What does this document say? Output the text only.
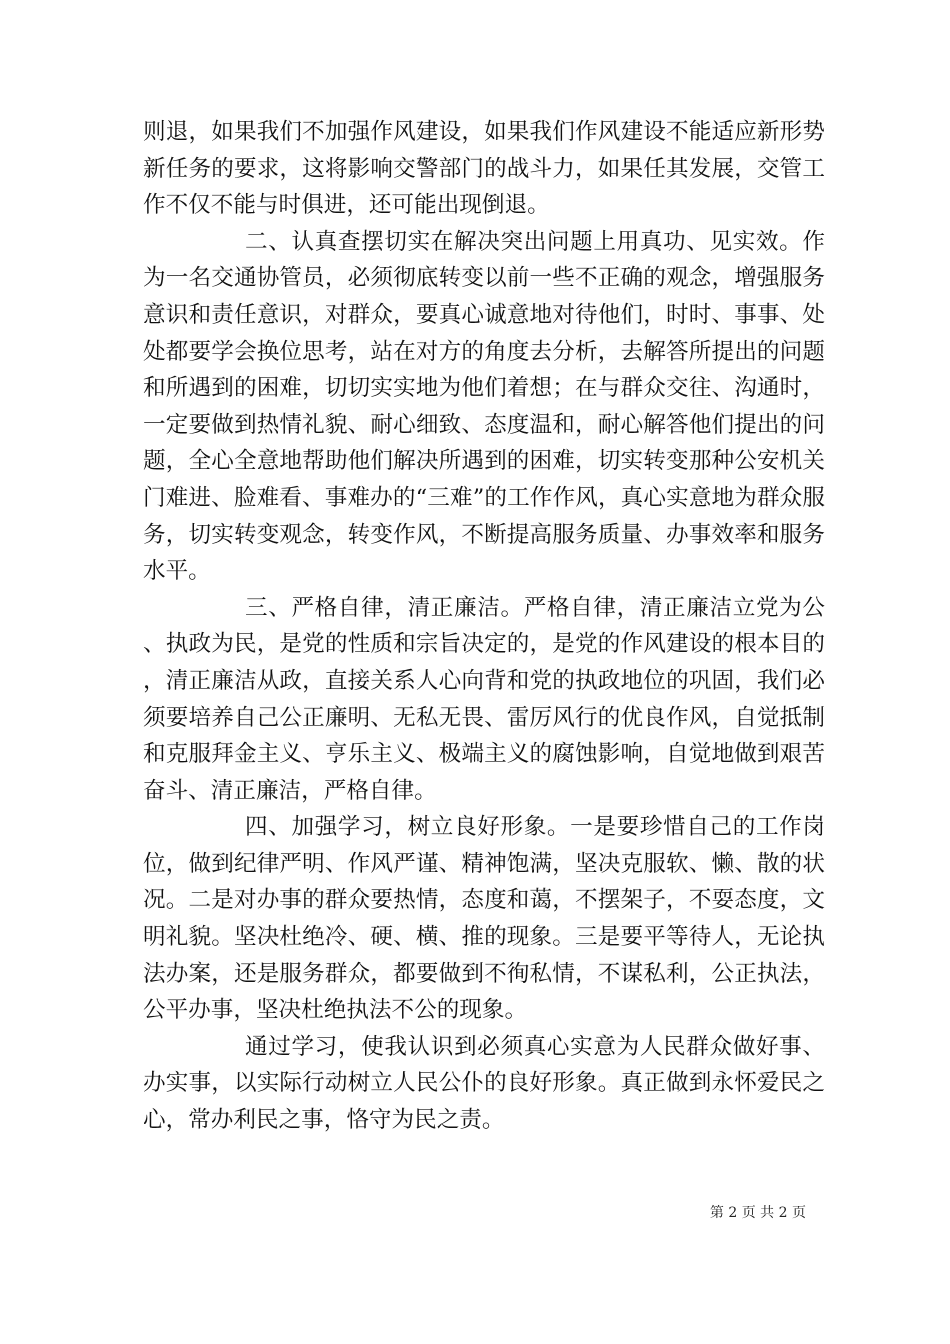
则退，如果我们不加强作风建设，如果我们作风建设不能适应新形势新任务的要求，这将影响交警部门的战斗力，如果任其发展，交管工作不仅不能与时俱进，还可能出现倒退。

二、认真查摆切实在解决突出问题上用真功、见实效。作为一名交通协管员，必须彻底转变以前一些不正确的观念，增强服务意识和责任意识，对群众，要真心诚意地对待他们，时时、事事、处处都要学会换位思考，站在对方的角度去分析，去解答所提出的问题和所遇到的困难，切切实实地为他们着想；在与群众交往、沟通时，一定要做到热情礼貌、耐心细致、态度温和，耐心解答他们提出的问题，全心全意地帮助他们解决所遇到的困难，切实转变那种公安机关门难进、脸难看、事难办的“三难”的工作作风，真心实意地为群众服务，切实转变观念，转变作风，不断提高服务质量、办事效率和服务水平。

三、严格自律，清正廉洁。严格自律，清正廉洁立党为公、执政为民，是党的性质和宗旨决定的，是党的作风建设的根本目的，清正廉洁从政，直接关系人心向背和党的执政地位的巩固，我们必须要培养自己公正廉明、无私无畏、雷厉风行的优良作风，自觉抵制和克服拜金主义、亨乐主义、极端主义的腐蚀影响，自觉地做到艰苦奋斗、清正廉洁，严格自律。

四、加强学习，树立良好形象。一是要珍惜自己的工作岗位，做到纪律严明、作风严谨、精神饱满，坚决克服软、懒、散的状况。二是对办事的群众要热情，态度和蔼，不摆架子，不耍态度，文明礼貌。坚决杜绝冷、硬、横、推的现象。三是要平等待人，无论执法办案，还是服务群众，都要做到不徇私情，不谋私利，公正执法，公平办事，坚决杜绝执法不公的现象。

通过学习，使我认识到必须真心实意为人民群众做好事、办实事，以实际行动树立人民公仆的良好形象。真正做到永怀爱民之心，常办利民之事，恪守为民之责。

第 2 页 共 2 页
